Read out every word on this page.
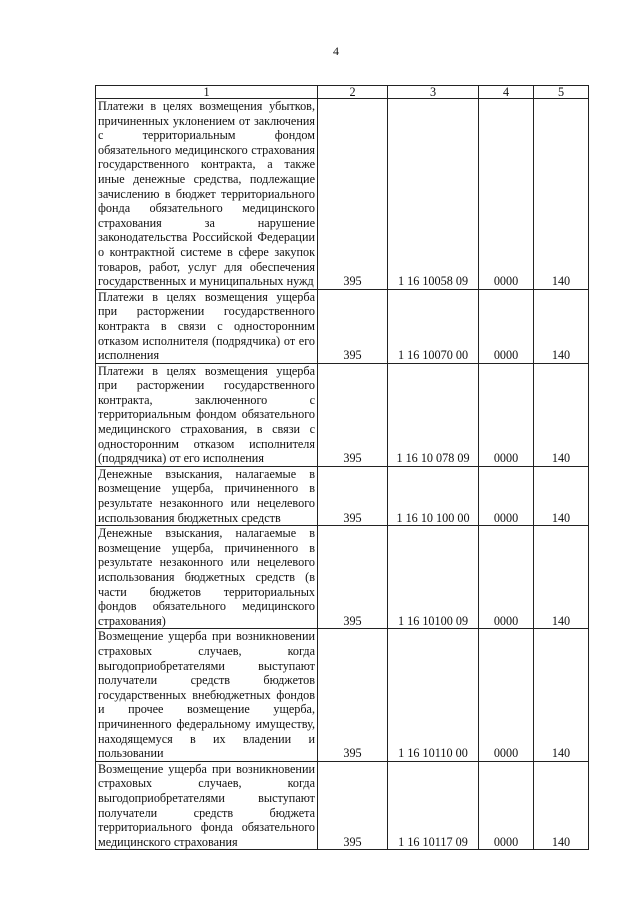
4
1	2	3	4	5
Платежи в целях возмещения убытков, причиненных уклонением от заключения с территориальным фондом обязательного медицинского страхования государственного контракта, а также иные денежные средства, подлежащие зачислению в бюджет территориального фонда обязательного медицинского страхования за нарушение законодательства Российской Федерации о контрактной системе в сфере закупок товаров, работ, услуг для обеспечения государственных и муниципальных нужд	395	1 16 10058 09	0000	140
Платежи в целях возмещения ущерба при расторжении государственного контракта в связи с односторонним отказом исполнителя (подрядчика) от его исполнения	395	1 16 10070 00	0000	140
Платежи в целях возмещения ущерба при расторжении государственного контракта, заключенного с территориальным фондом обязательного медицинского страхования, в связи с односторонним отказом исполнителя (подрядчика) от его исполнения	395	1 16 10 078 09	0000	140
Денежные взыскания, налагаемые в возмещение ущерба, причиненного в результате незаконного или нецелевого использования бюджетных средств	395	1 16 10 100 00	0000	140
Денежные взыскания, налагаемые в возмещение ущерба, причиненного в результате незаконного или нецелевого использования бюджетных средств (в части бюджетов территориальных фондов обязательного медицинского страхования)	395	1 16 10100 09	0000	140
Возмещение ущерба при возникновении страховых случаев, когда выгодоприобретателями выступают получатели средств бюджетов государственных внебюджетных фондов и прочее возмещение ущерба, причиненного федеральному имуществу, находящемуся в их владении и пользовании	395	1 16 10110 00	0000	140
Возмещение ущерба при возникновении страховых случаев, когда выгодоприобретателями выступают получатели средств бюджета территориального фонда обязательного медицинского страхования	395	1 16 10117 09	0000	140
